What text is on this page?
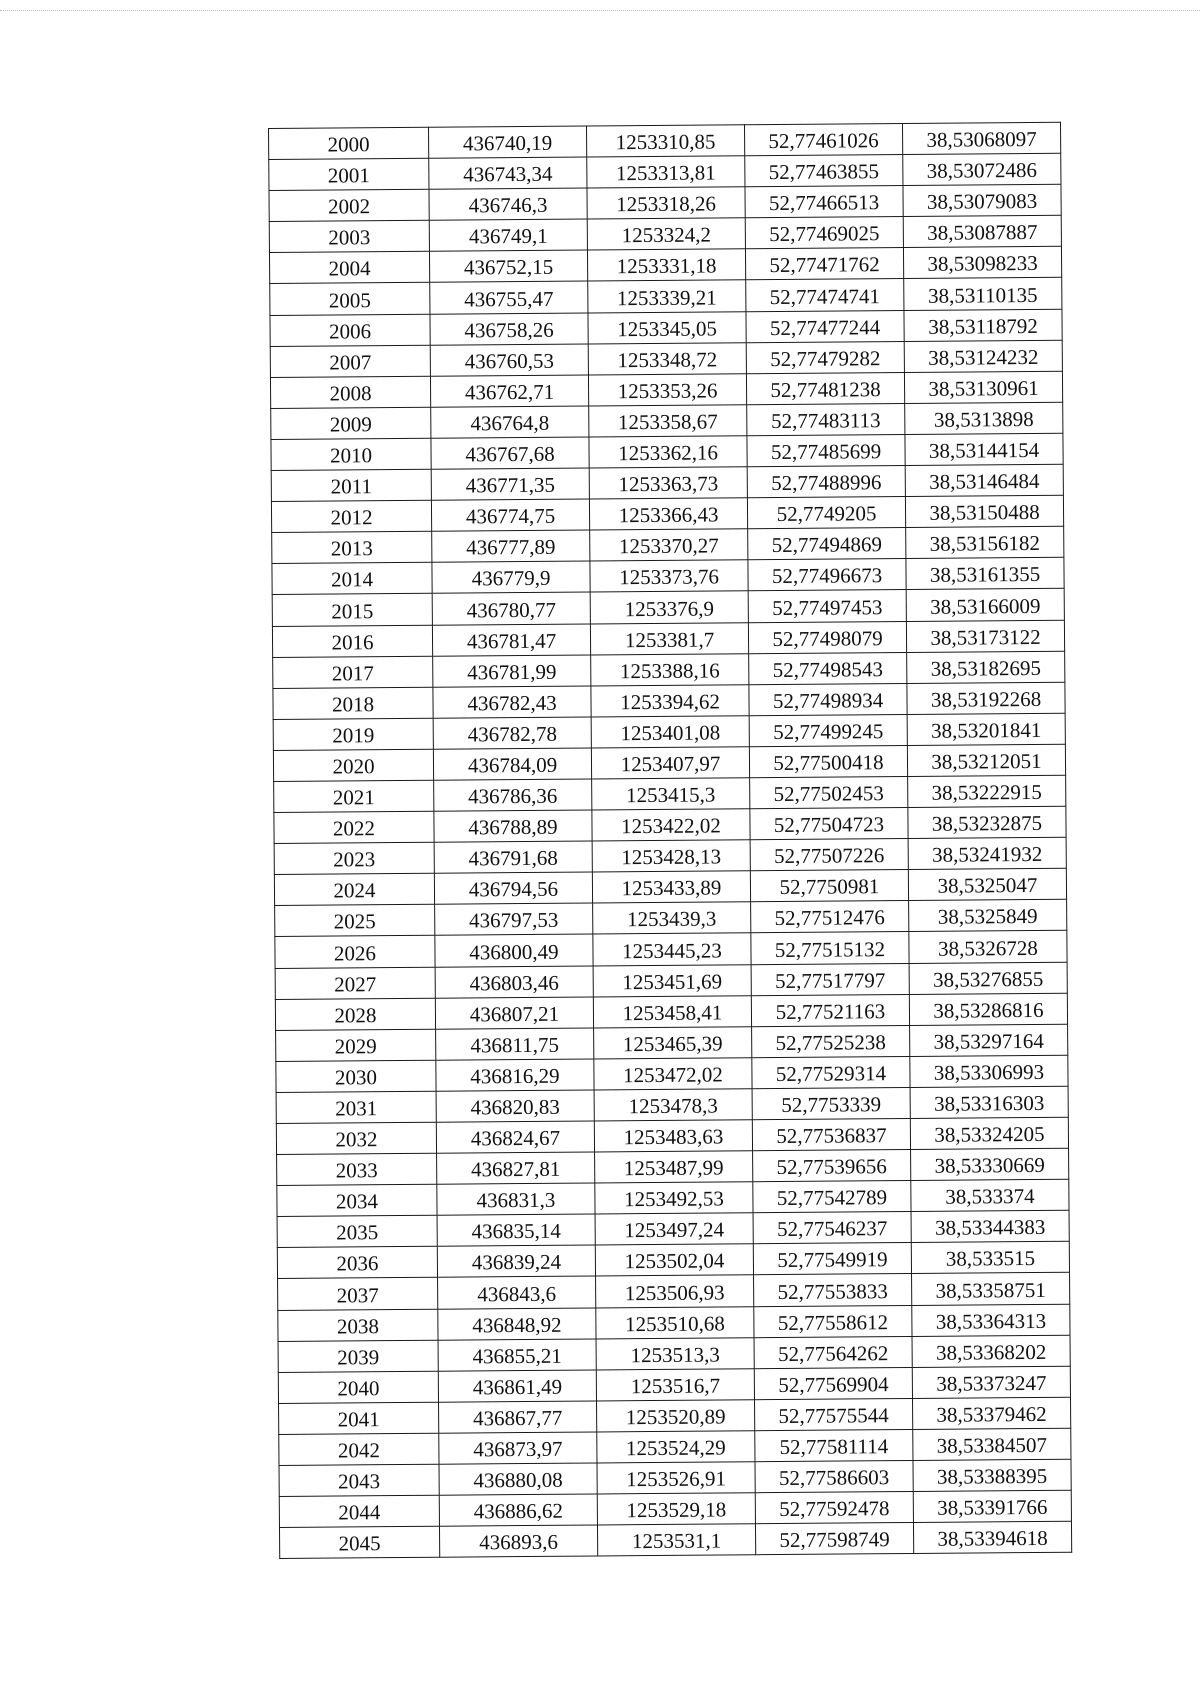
2000	436740,19	1253310,85	52,77461026	38,53068097
2001	436743,34	1253313,81	52,77463855	38,53072486
2002	436746,3	1253318,26	52,77466513	38,53079083
2003	436749,1	1253324,2	52,77469025	38,53087887
2004	436752,15	1253331,18	52,77471762	38,53098233
2005	436755,47	1253339,21	52,77474741	38,53110135
2006	436758,26	1253345,05	52,77477244	38,53118792
2007	436760,53	1253348,72	52,77479282	38,53124232
2008	436762,71	1253353,26	52,77481238	38,53130961
2009	436764,8	1253358,67	52,77483113	38,5313898
2010	436767,68	1253362,16	52,77485699	38,53144154
2011	436771,35	1253363,73	52,77488996	38,53146484
2012	436774,75	1253366,43	52,7749205	38,53150488
2013	436777,89	1253370,27	52,77494869	38,53156182
2014	436779,9	1253373,76	52,77496673	38,53161355
2015	436780,77	1253376,9	52,77497453	38,53166009
2016	436781,47	1253381,7	52,77498079	38,53173122
2017	436781,99	1253388,16	52,77498543	38,53182695
2018	436782,43	1253394,62	52,77498934	38,53192268
2019	436782,78	1253401,08	52,77499245	38,53201841
2020	436784,09	1253407,97	52,77500418	38,53212051
2021	436786,36	1253415,3	52,77502453	38,53222915
2022	436788,89	1253422,02	52,77504723	38,53232875
2023	436791,68	1253428,13	52,77507226	38,53241932
2024	436794,56	1253433,89	52,7750981	38,5325047
2025	436797,53	1253439,3	52,77512476	38,5325849
2026	436800,49	1253445,23	52,77515132	38,5326728
2027	436803,46	1253451,69	52,77517797	38,53276855
2028	436807,21	1253458,41	52,77521163	38,53286816
2029	436811,75	1253465,39	52,77525238	38,53297164
2030	436816,29	1253472,02	52,77529314	38,53306993
2031	436820,83	1253478,3	52,7753339	38,53316303
2032	436824,67	1253483,63	52,77536837	38,53324205
2033	436827,81	1253487,99	52,77539656	38,53330669
2034	436831,3	1253492,53	52,77542789	38,533374
2035	436835,14	1253497,24	52,77546237	38,53344383
2036	436839,24	1253502,04	52,77549919	38,533515
2037	436843,6	1253506,93	52,77553833	38,53358751
2038	436848,92	1253510,68	52,77558612	38,53364313
2039	436855,21	1253513,3	52,77564262	38,53368202
2040	436861,49	1253516,7	52,77569904	38,53373247
2041	436867,77	1253520,89	52,77575544	38,53379462
2042	436873,97	1253524,29	52,77581114	38,53384507
2043	436880,08	1253526,91	52,77586603	38,53388395
2044	436886,62	1253529,18	52,77592478	38,53391766
2045	436893,6	1253531,1	52,77598749	38,53394618
